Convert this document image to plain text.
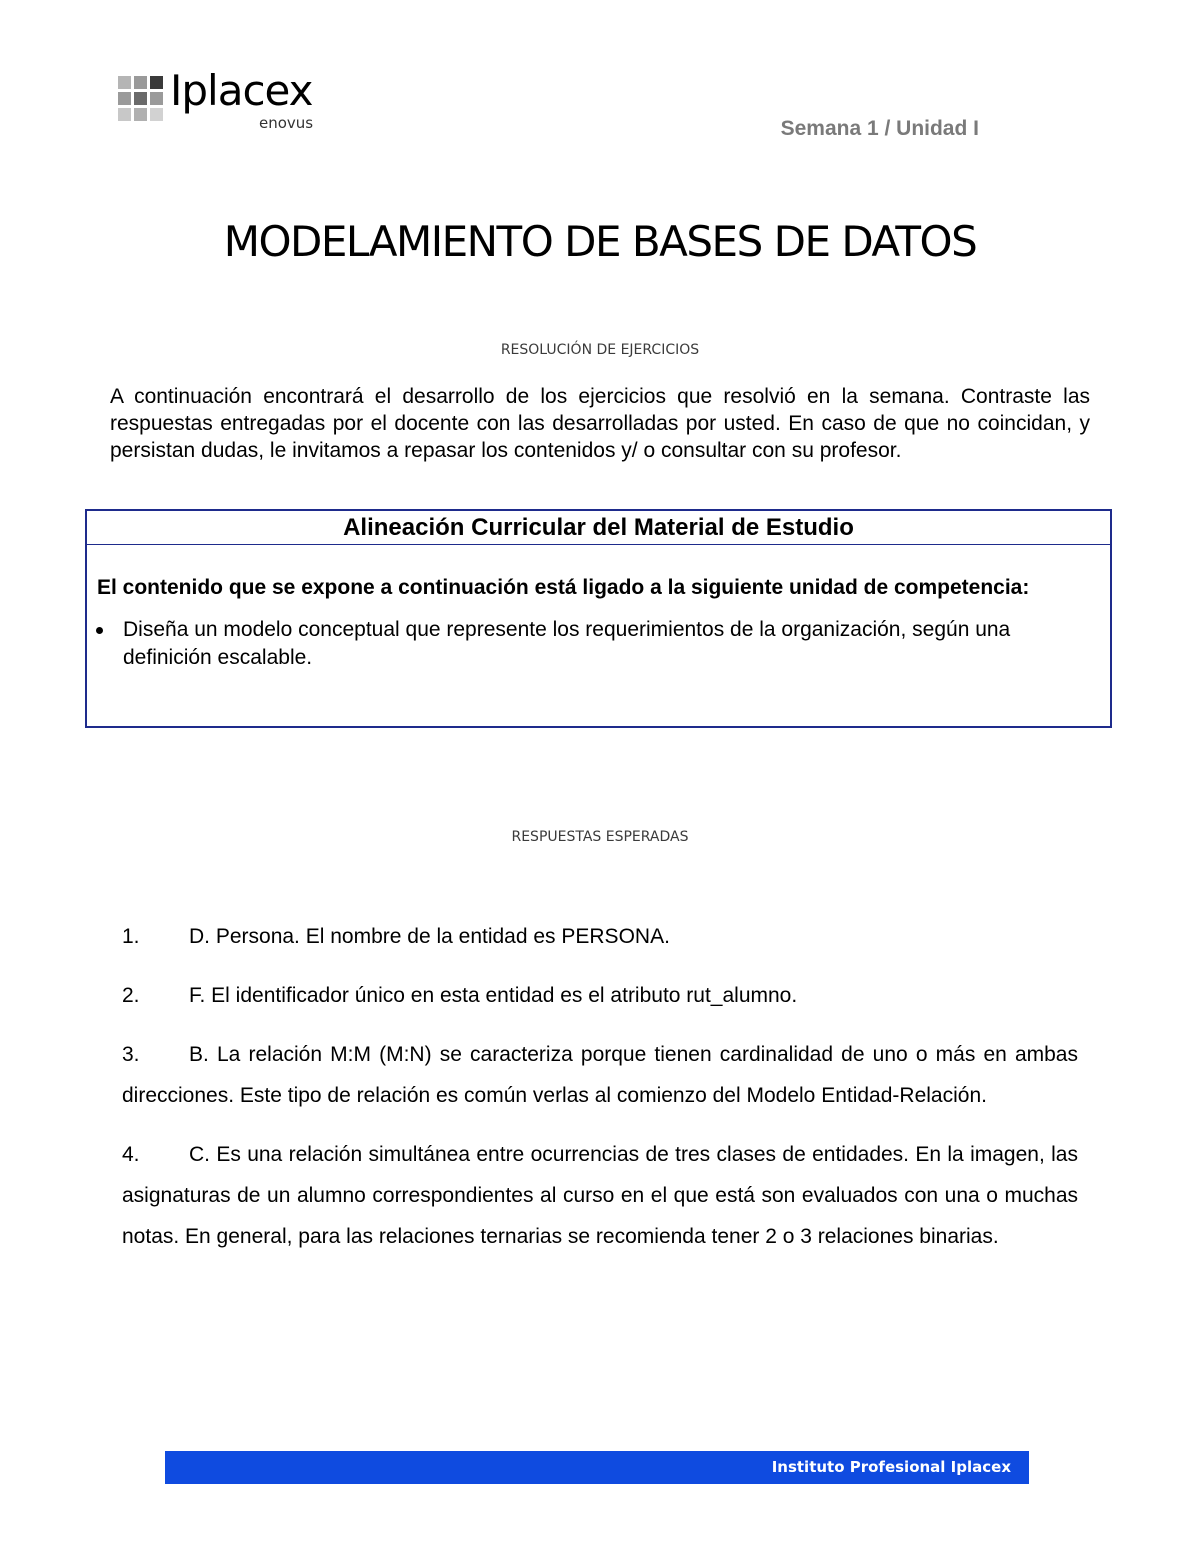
Iplacex
enovus	Semana 1 / Unidad I
MODELAMIENTO DE BASES DE DATOS
RESOLUCIÓN DE EJERCICIOS
A continuación encontrará el desarrollo de los ejercicios que resolvió en la semana. Contraste las respuestas entregadas por el docente con las desarrolladas por usted. En caso de que no coincidan, y persistan dudas, le invitamos a repasar los contenidos y/ o consultar con su profesor.
Alineación Curricular del Material de Estudio
El contenido que se expone a continuación está ligado a la siguiente unidad de competencia:
Diseña un modelo conceptual que represente los requerimientos de la organización, según una definición escalable.
RESPUESTAS ESPERADAS
1.	D. Persona. El nombre de la entidad es PERSONA.
2.	F. El identificador único en esta entidad es el atributo rut_alumno.
3.	B. La relación M:M (M:N) se caracteriza porque tienen cardinalidad de uno o más en ambas direcciones. Este tipo de relación es común verlas al comienzo del Modelo Entidad-Relación.
4.	C. Es una relación simultánea entre ocurrencias de tres clases de entidades. En la imagen, las asignaturas de un alumno correspondientes al curso en el que está son evaluados con una o muchas notas. En general, para las relaciones ternarias se recomienda tener 2 o 3 relaciones binarias.
Instituto Profesional Iplacex
